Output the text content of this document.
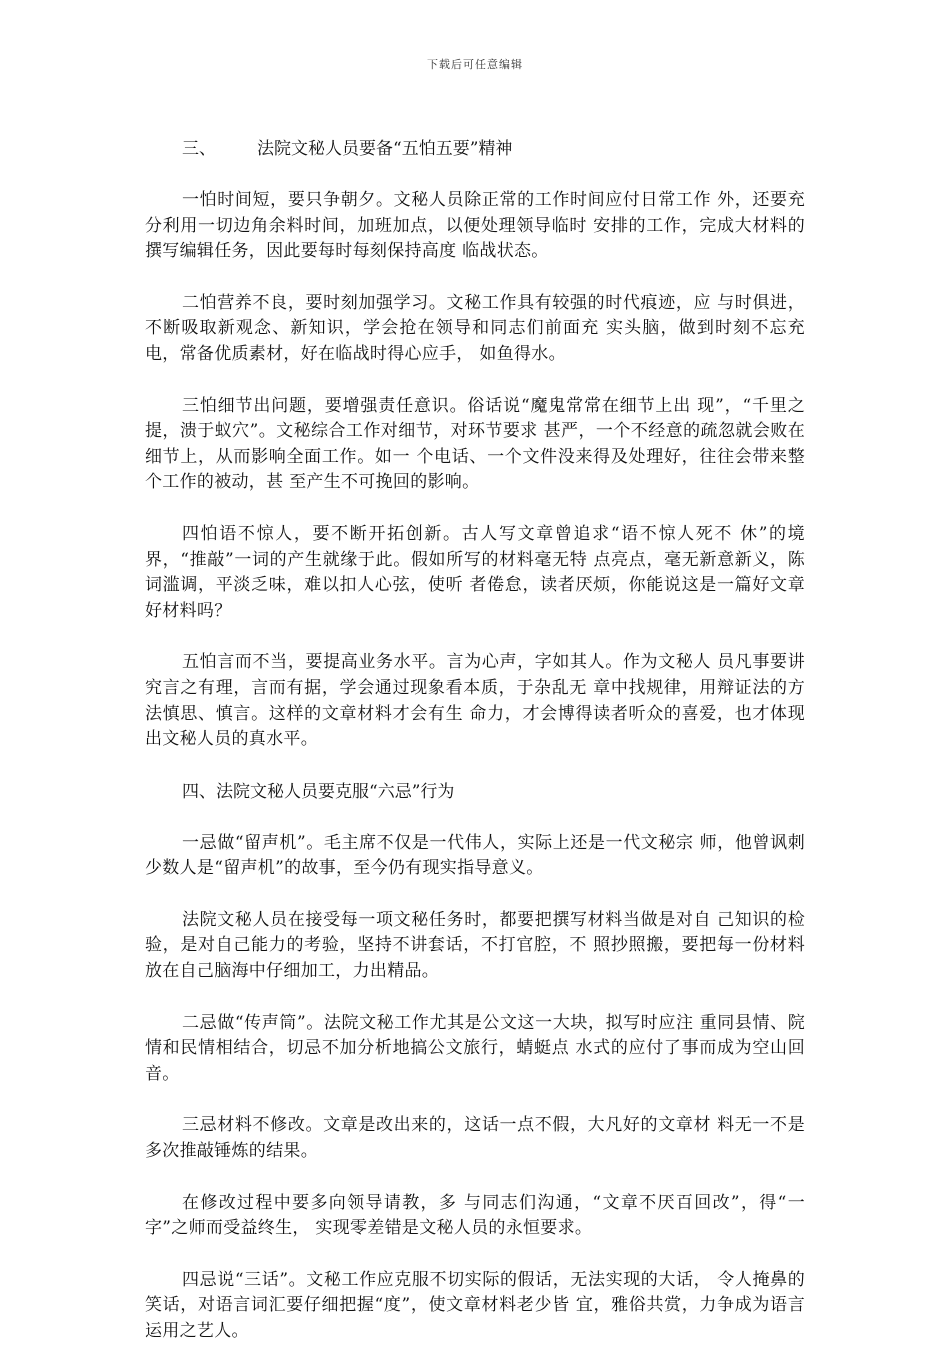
下载后可任意编辑
三、 法院文秘人员要备“五怕五要”精神

一怕时间短，要只争朝夕。文秘人员除正常的工作时间应付日常工作 外，还要充分利用一切边角余料时间，加班加点，以便处理领导临时 安排的工作，完成大材料的撰写编辑任务，因此要每时每刻保持高度 临战状态。

二怕营养不良，要时刻加强学习。文秘工作具有较强的时代痕迹，应 与时俱进，不断吸取新观念、新知识，学会抢在领导和同志们前面充 实头脑，做到时刻不忘充电，常备优质素材，好在临战时得心应手， 如鱼得水。

三怕细节出问题，要增强责任意识。俗话说“魔鬼常常在细节上出 现”，“千里之提，溃于蚁穴”。文秘综合工作对细节，对环节要求 甚严，一个不经意的疏忽就会败在细节上，从而影响全面工作。如一 个电话、一个文件没来得及处理好，往往会带来整个工作的被动，甚 至产生不可挽回的影响。

四怕语不惊人，要不断开拓创新。古人写文章曾追求“语不惊人死不 休”的境界，“推敲”一词的产生就缘于此。假如所写的材料毫无特 点亮点，毫无新意新义，陈词滥调，平淡乏味，难以扣人心弦，使听 者倦怠，读者厌烦，你能说这是一篇好文章好材料吗？

五怕言而不当，要提高业务水平。言为心声，字如其人。作为文秘人 员凡事要讲究言之有理，言而有据，学会通过现象看本质，于杂乱无 章中找规律，用辩证法的方法慎思、慎言。这样的文章材料才会有生 命力，才会博得读者听众的喜爱，也才体现出文秘人员的真水平。

四、法院文秘人员要克服“六忌”行为

一忌做“留声机”。毛主席不仅是一代伟人，实际上还是一代文秘宗 师，他曾讽刺少数人是“留声机”的故事，至今仍有现实指导意义。

法院文秘人员在接受每一项文秘任务时，都要把撰写材料当做是对自 己知识的检验，是对自己能力的考验，坚持不讲套话，不打官腔，不 照抄照搬，要把每一份材料放在自己脑海中仔细加工，力出精品。

二忌做“传声筒”。法院文秘工作尤其是公文这一大块，拟写时应注 重同县情、院情和民情相结合，切忌不加分析地搞公文旅行，蜻蜓点 水式的应付了事而成为空山回音。

三忌材料不修改。文章是改出来的，这话一点不假，大凡好的文章材 料无一不是多次推敲锤炼的结果。

在修改过程中要多向领导请教，多 与同志们沟通，“文章不厌百回改”，得“一字”之师而受益终生， 实现零差错是文秘人员的永恒要求。

四忌说“三话”。文秘工作应克服不切实际的假话，无法实现的大话， 令人掩鼻的笑话，对语言词汇要仔细把握“度”，使文章材料老少皆 宜，雅俗共赏，力争成为语言运用之艺人。
